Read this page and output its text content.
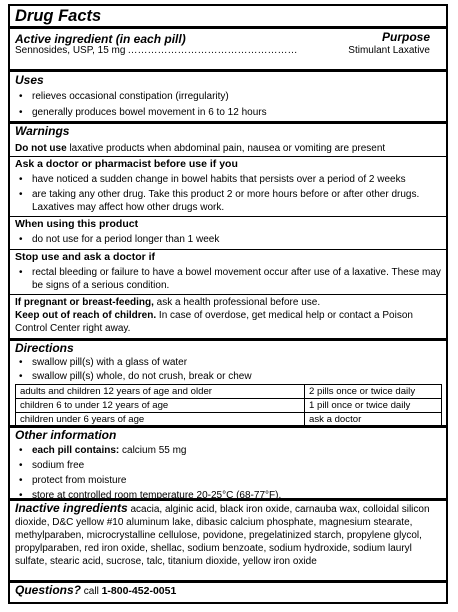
Drug Facts
Active ingredient (in each pill)	Purpose
Sennosides, USP, 15 mg ……………………………………………	Stimulant Laxative
Uses
• relieves occasional constipation (irregularity)
• generally produces bowel movement in 6 to 12 hours
Warnings
Do not use laxative products when abdominal pain, nausea or vomiting are present
Ask a doctor or pharmacist before use if you
• have noticed a sudden change in bowel habits that persists over a period of 2 weeks
• are taking any other drug. Take this product 2 or more hours before or after other drugs. Laxatives may affect how other drugs work.
When using this product
• do not use for a period longer than 1 week
Stop use and ask a doctor if
• rectal bleeding or failure to have a bowel movement occur after use of a laxative. These may be signs of a serious condition.
If pregnant or breast-feeding, ask a health professional before use.
Keep out of reach of children. In case of overdose, get medical help or contact a Poison Control Center right away.
Directions
• swallow pill(s) with a glass of water
• swallow pill(s) whole, do not crush, break or chew
adults and children 12 years of age and older	2 pills once or twice daily
children 6 to under 12 years of age	1 pill once or twice daily
children under 6 years of age	ask a doctor
Other information
• each pill contains: calcium 55 mg
• sodium free
• protect from moisture
• store at controlled room temperature 20-25°C (68-77°F).
Inactive ingredients acacia, alginic acid, black iron oxide, carnauba wax, colloidal silicon dioxide, D&C yellow #10 aluminum lake, dibasic calcium phosphate, magnesium stearate, methylparaben, microcrystalline cellulose, povidone, pregelatinized starch, propylene glycol, propylparaben, red iron oxide, shellac, sodium benzoate, sodium hydroxide, sodium lauryl sulfate, stearic acid, sucrose, talc, titanium dioxide, yellow iron oxide
Questions? call 1-800-452-0051
